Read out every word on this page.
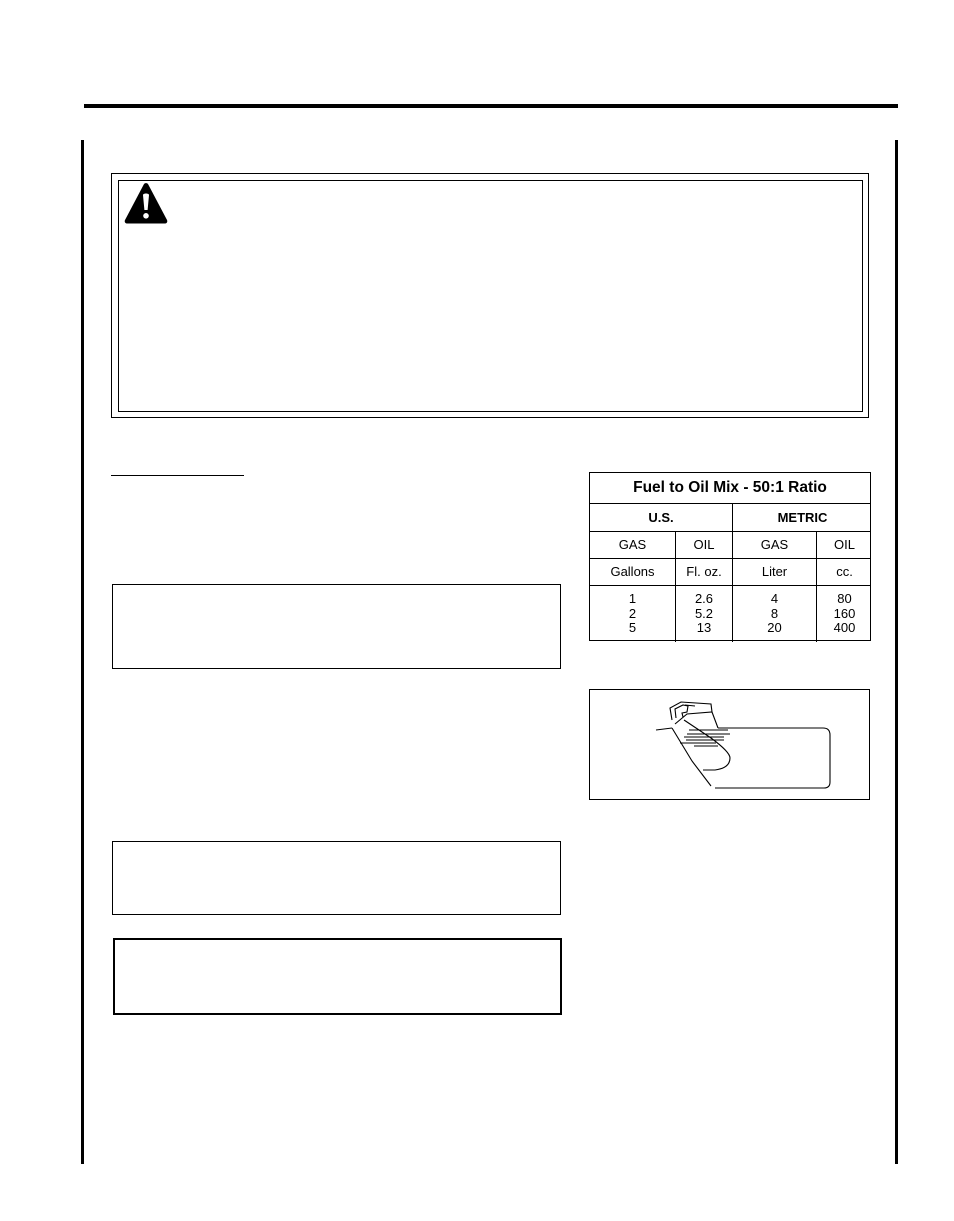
Fuel to Oil Mix - 50:1 Ratio
U.S.	METRIC
GAS	OIL	GAS	OIL
Gallons	Fl. oz.	Liter	cc.
1	2.6	4	80
2	5.2	8	160
5	13	20	400
